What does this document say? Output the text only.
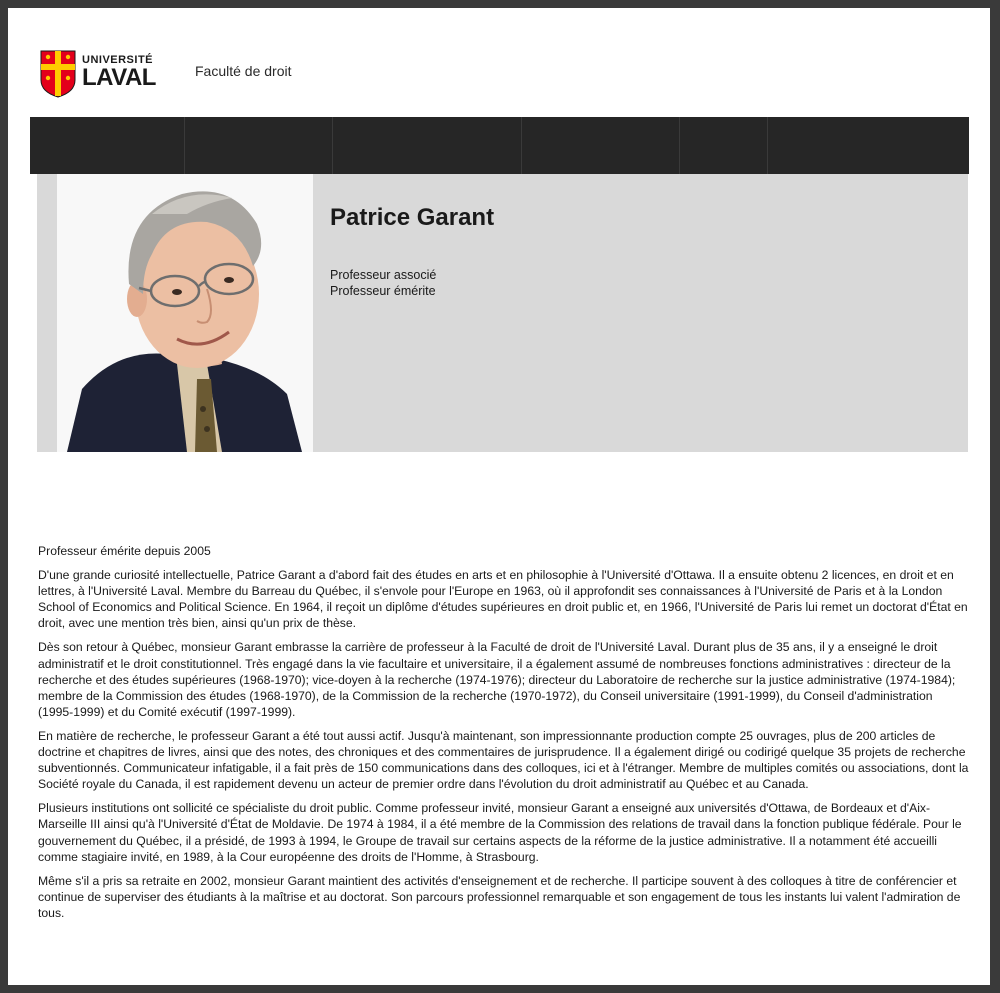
UNIVERSITÉ
LAVAL	Faculté de droit
Patrice Garant
Professeur associé
Professeur émérite

Professeur émérite depuis 2005

D'une grande curiosité intellectuelle, Patrice Garant a d'abord fait des études en arts et en philosophie à l'Université d'Ottawa. Il a ensuite obtenu 2 licences, en droit et en lettres, à l'Université Laval. Membre du Barreau du Québec, il s'envole pour l'Europe en 1963, où il approfondit ses connaissances à l'Université de Paris et à la London School of Economics and Political Science. En 1964, il reçoit un diplôme d'études supérieures en droit public et, en 1966, l'Université de Paris lui remet un doctorat d'État en droit, avec une mention très bien, ainsi qu'un prix de thèse.

Dès son retour à Québec, monsieur Garant embrasse la carrière de professeur à la Faculté de droit de l'Université Laval. Durant plus de 35 ans, il y a enseigné le droit administratif et le droit constitutionnel. Très engagé dans la vie facultaire et universitaire, il a également assumé de nombreuses fonctions administratives : directeur de la recherche et des études supérieures (1968-1970); vice-doyen à la recherche (1974-1976); directeur du Laboratoire de recherche sur la justice administrative (1974-1984); membre de la Commission des études (1968-1970), de la Commission de la recherche (1970-1972), du Conseil universitaire (1991-1999), du Conseil d'administration (1995-1999) et du Comité exécutif (1997-1999).

En matière de recherche, le professeur Garant a été tout aussi actif. Jusqu'à maintenant, son impressionnante production compte 25 ouvrages, plus de 200 articles de doctrine et chapitres de livres, ainsi que des notes, des chroniques et des commentaires de jurisprudence. Il a également dirigé ou codirigé quelque 35 projets de recherche subventionnés. Communicateur infatigable, il a fait près de 150 communications dans des colloques, ici et à l'étranger. Membre de multiples comités ou associations, dont la Société royale du Canada, il est rapidement devenu un acteur de premier ordre dans l'évolution du droit administratif au Québec et au Canada.

Plusieurs institutions ont sollicité ce spécialiste du droit public. Comme professeur invité, monsieur Garant a enseigné aux universités d'Ottawa, de Bordeaux et d'Aix-Marseille III ainsi qu'à l'Université d'État de Moldavie. De 1974 à 1984, il a été membre de la Commission des relations de travail dans la fonction publique fédérale. Pour le gouvernement du Québec, il a présidé, de 1993 à 1994, le Groupe de travail sur certains aspects de la réforme de la justice administrative. Il a notamment été accueilli comme stagiaire invité, en 1989, à la Cour européenne des droits de l'Homme, à Strasbourg.

Même s'il a pris sa retraite en 2002, monsieur Garant maintient des activités d'enseignement et de recherche. Il participe souvent à des colloques à titre de conférencier et continue de superviser des étudiants à la maîtrise et au doctorat. Son parcours professionnel remarquable et son engagement de tous les instants lui valent l'admiration de tous.
